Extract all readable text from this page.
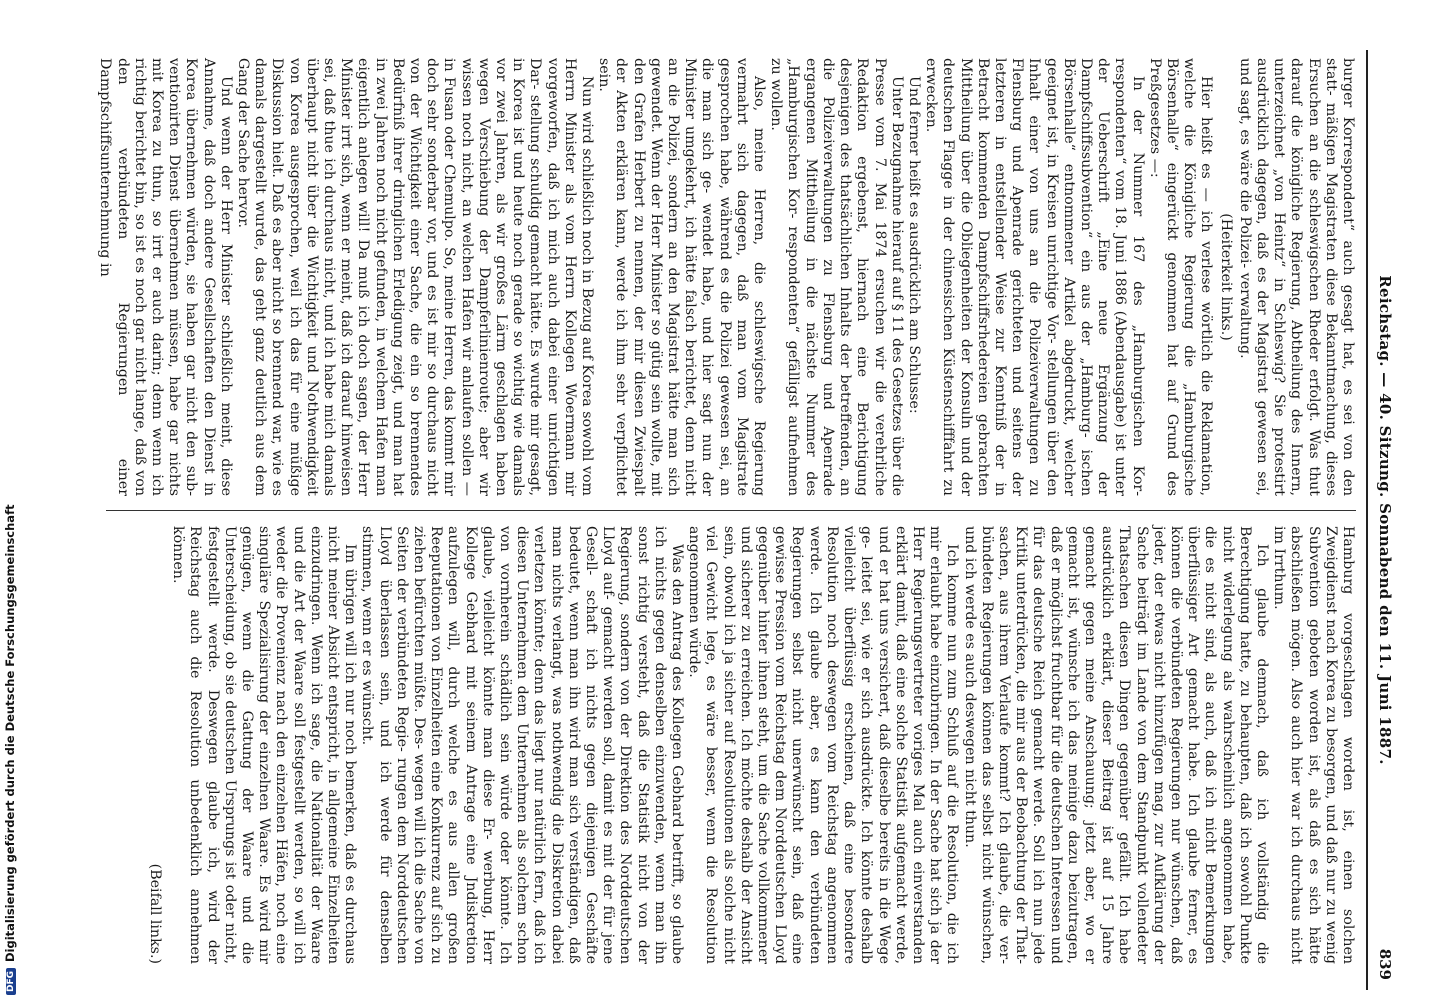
DFGDigitalisierung gefördert durch die Deutsche Forschungsgemeinschaft	Reichstag. — 40. Sitzung. Sonnabend den 11. Juni 1887.
839

burger Korrespondent“ auch gesagt hat, es sei von den statt- mäßigen Magistraten diese Bekanntmachung, dieses Ersuchen an die schleswigschen Rheder erfolgt. Was thut darauf die königliche Regierung, Abtheilung des Innern, unterzeichnet „von Heintz“ in Schleswig? Sie protestirt ausdrücklich dagegen, daß es der Magistrat gewesen sei, und sagt, es wäre die Polizei- verwaltung.

(Heiterkeit links.)

Hier heißt es — ich verlese wörtlich die Reklamation, welche die Königliche Regierung die „Hamburgische Börsenhalle“ eingerückt genommen hat auf Grund des Preßgesetzes —:

In der Nummer 167 des „Hamburgischen Kor- respondenten“ vom 18. Juni 1886 (Abendausgabe) ist unter der Ueberschrift „Eine neue Ergänzung der Dampfschiffssubvention“ ein aus der „Hamburg- ischen Börsenhalle“ entnommener Artikel abgedruckt, welcher geeignet ist, in Kreisen unrichtige Vor- stellungen über den Inhalt einer von uns an die Polizeiverwaltungen zu Flensburg und Apenrade gerichteten und seitens der letzteren in entstellender Weise zur Kenntniß der in Betracht kommenden Dampfschiffsrhedereien gebrachten Mittheilung über die Obliegenheiten der Konsuln und der deutschen Flagge in der chinesischen Küstenschifffahrt zu erwecken.

Und ferner heißt es ausdrücklich am Schlusse:

Unter Bezugnahme hierauf auf § 11 des Gesetzes über die Presse vom 7. Mai 1874 ersuchen wir die verehrliche Redaktion ergebenst, hiernach eine Berichtigung desjenigen des thatsächlichen Inhalts der betreffenden, an die Polizeiverwaltungen zu Flensburg und Apenrade ergangenen Mittheilung in die nächste Nummer des „Hamburgischen Kor- respondenten“ gefälligst aufnehmen zu wollen.

Also, meine Herren, die schleswigsche Regierung vermahrt sich dagegen, daß man vom Magistrate gesprochen habe, während es die Polizei gewesen sei, an die man sich ge- wendet habe, und hier sagt nun der Minister umgekehrt, ich hätte falsch berichtet, denn nicht an die Polizei, sondern an den Magistrat hätte man sich gewendet. Wenn der Herr Minister so gütig sein wollte, mit den Grafen Herbert zu nennen, der mir diesen Zwiespalt der Akten erklären kann, werde ich ihm sehr verpflichtet sein.

Nun wird schließlich noch in Bezug auf Korea sowohl vom Herrn Minister als vom Herrn Kollegen Woermann mir vorgeworfen, daß ich mich auch dabei einer unrichtigen Dar- stellung schuldig gemacht hätte. Es wurde mir gesagt, in Korea ist und heute noch gerade so wichtig wie damals vor zwei Jahren, als wir großes Lärm geschlagen haben wegen Verschiebung der Dampferlinienroute; aber wir wissen noch nicht, an welchen Hafen wir anlaufen sollen — in Fusan oder Chemulpo. So, meine Herren, das kommt mir doch sehr sonderbar vor, und es ist mir so durchaus nicht von der Wichtigkeit einer Sache, die ein so brennendes Bedürfniß ihrer dringlichen Erledigung zeigt, und man hat in zwei Jahren noch nicht gefunden, in welchem Hafen man eigentlich anlegen will! Da muß ich doch sagen, der Herr Minister irrt sich, wenn er meint, daß ich darauf hinweisen sei, daß thue ich durchaus nicht, und ich habe mich damals überhaupt nicht über die Wichtigkeit und Nothwendigkeit von Korea ausgesprochen, weil ich das für eine müßige Diskussion hielt. Daß es aber nicht so brennend war, wie es damals dargestellt wurde, das geht ganz deutlich aus dem Gang der Sache hervor.

Und wenn der Herr Minister schließlich meint, diese Annahme, daß doch andere Gesellschaften den Dienst in Korea übernehmen würden, sie haben gar nicht den sub- ventionirten Dienst übernehmen müssen, habe gar nichts mit Korea zu thun, so irrt er auch darin; denn wenn ich richtig berichtet bin, so ist es noch gar nicht lange, daß von den verbündeten Regierungen einer Dampfschiffsunternehmung in

Hamburg vorgeschlagen worden ist, einen solchen Zweigdienst nach Korea zu besorgen, und daß nur zu wenig Subvention geboten worden ist, als daß es sich hätte abschließen mögen. Also auch hier war ich durchaus nicht im Irrthum.

Ich glaube demnach, daß ich vollständig die Berechtigung hatte, zu behaupten, daß ich sowohl Punkte nicht widerlegung als wahrscheinlich angenommen habe, die es nicht sind, als auch, daß ich nicht Bemerkungen überflüssiger Art gemacht habe. Ich glaube ferner, es können die verbündeten Regierungen nur wünschen, daß jeder, der etwas nicht hinzufügen mag, zur Aufklärung der Sache beiträgt im Lande von dem Standpunkt vollendeter Thatsachen diesen Dingen gegenüber gefällt. Ich habe ausdrücklich erklärt, dieser Beitrag ist auf 15 Jahre gemacht gegen meine Anschauung; jetzt aber, wo er gemacht ist, wünsche ich das meinige dazu beizutragen, daß er möglichst fruchtbar für die deutschen Interessen und für das deutsche Reich gemacht werde. Soll ich nun jede Kritik unterdrücken, die mir aus der Beobachtung der That- sachen, aus ihrem Verlaufe kommt? Ich glaube, die ver- bündeten Regierungen können das selbst nicht wünschen, und ich werde es auch deswegen nicht thun.

Ich komme nun zum Schluß auf die Resolution, die ich mir erlaubt habe einzubringen. In der Sache hat sich ja der Herr Regierungsvertreter voriges Mal auch einverstanden erklärt damit, daß eine solche Statistik aufgemacht werde, und er hat uns versichert, daß dieselbe bereits in die Wege ge- leitet sei, wie er sich ausdrückte. Ich könnte deshalb vielleicht überflüssig erscheinen, daß eine besondere Resolution noch deswegen vom Reichstag angenommen werde. Ich glaube aber, es kann den verbündeten Regierungen selbst nicht unerwünscht sein, daß eine gewisse Pression vom Reichstag dem Norddeutschen Lloyd gegenüber hinter ihnen steht, um die Sache vollkommener und sicherer zu erreichen. Ich möchte deshalb der Ansicht sein, obwohl ich ja sicher auf Resolutionen als solche nicht viel Gewicht lege, es wäre besser, wenn die Resolution angenommen würde.

Was den Antrag des Kollegen Gebhard betrifft, so glaube ich nichts gegen denselben einzuwenden, wenn man ihn sonst richtig versteht, daß die Statistik nicht von der Regierung, sondern von der Direktion des Norddeutschen Lloyd auf- gemacht werden soll, damit es mit der für jene Gesell- schaft ich nichts gegen diejenigen Geschäfte bedeutet, wenn man ihn wird man sich verständigen, daß man nichts verlangt, was nothwendig die Diskretion dabei verletzen könnte; denn das liegt nur natürlich fern, daß ich diesen Unternehmen dem Unternehmen als solchem schon von vornherein schädlich sein würde oder könnte. Ich glaube, vielleicht könnte man diese Er- werbung, Herr Kollege Gebhard mit seinem Antrage eine Jndiskretion aufzulegen will, durch welche es aus allen großen Reeputationen von Einzelheiten eine Konkurrenz auf sich zu ziehen befürchten müßte. Des- wegen will ich die Sache von Seiten der verbündeten Regie- rungen dem Norddeutschen Lloyd überlassen sein, und ich werde für denselben stimmen, wenn er es wünscht.

Im übrigen will ich nur noch bemerken, daß es durchaus nicht meiner Absicht entspricht, in allgemeine Einzelheiten einzudringen. Wenn ich sage, die Nationalität der Waare und die Art der Waare soll festgestellt werden, so will ich weder die Provenienz nach den einzelnen Häfen, noch eine singuläre Spezialisirung der einzelnen Waare. Es wird mir genügen, wenn die Gattung der Waare und die Unterscheidung, ob sie deutschen Ursprungs ist oder nicht, festgestellt werde. Deswegen glaube ich, wird der Reichstag auch die Resolution unbedenklich annehmen können.

(Beifall links.)
